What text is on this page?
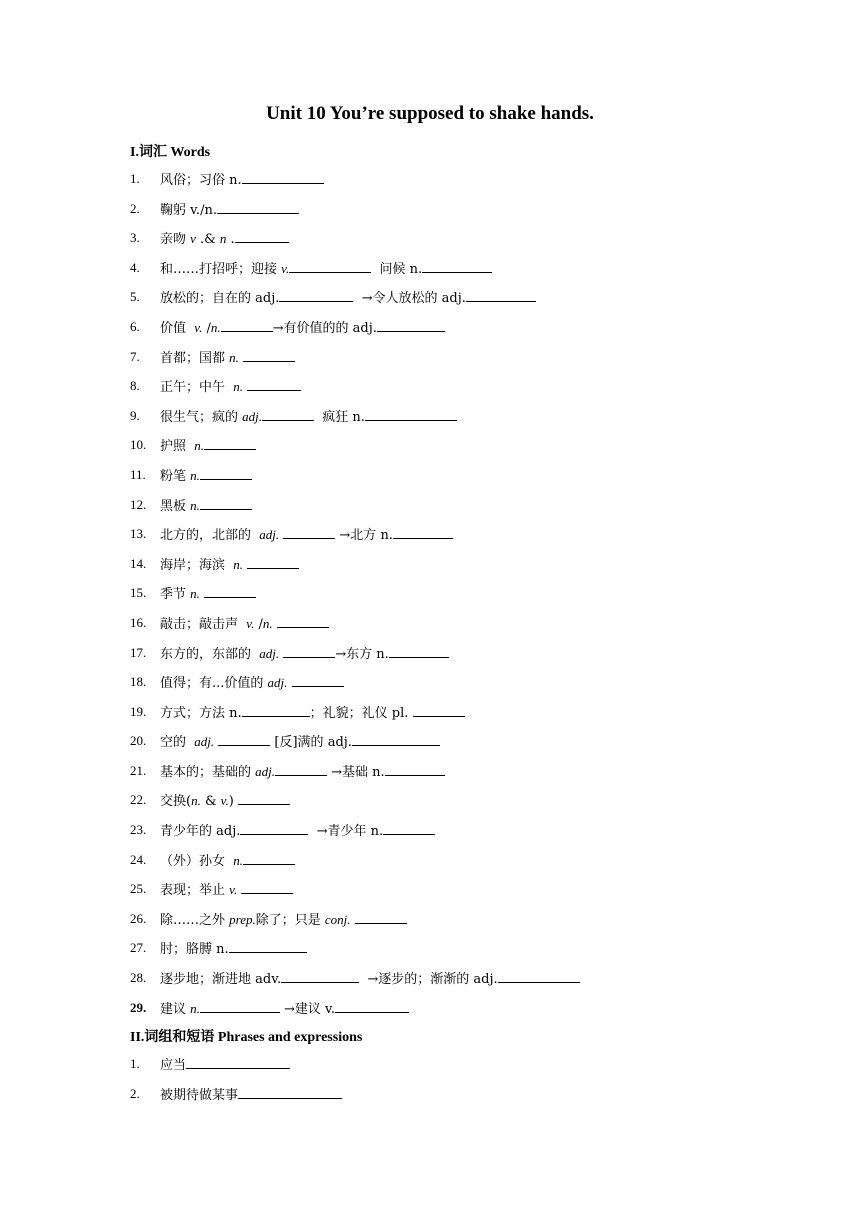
Unit 10 You’re supposed to shake hands.
I.词汇 Words
1.	风俗；习俗 n.
2.	鞠躬 v./n.
3.	亲吻 v .& n .
4.	和……打招呼；迎接 v.	问候 n.
5.	放松的；自在的 adj.	→令人放松的 adj.
6.	价值  v. /n.	→有价值的的 adj.
7.	首都；国都 n.
8.	正午；中午  n.
9.	很生气；疯的 adj.	疯狂 n.
10.	护照  n.
11.	粉笔 n.
12.	黑板 n.
13.	北方的，北部的  adj.	→北方 n.
14.	海岸；海滨  n.
15.	季节 n.
16.	敲击；敲击声  v. /n.
17.	东方的，东部的  adj.	→东方 n.
18.	值得；有...价值的 adj.
19.	方式；方法 n.	；礼貌；礼仪 pl.
20.	空的  adj.	[反]满的 adj.
21.	基本的；基础的 adj.	→基础 n.
22.	交换(n. & v.)
23.	青少年的 adj.	→青少年 n.
24.	（外）孙女  n.
25.	表现；举止 v.
26.	除……之外 prep.除了；只是 conj.
27.	肘；胳膊 n.
28.	逐步地；渐进地 adv.	→逐步的；渐渐的 adj.
29.	建议 n.	→建议 v.
II.词组和短语 Phrases and expressions
1.	应当
2.	被期待做某事
